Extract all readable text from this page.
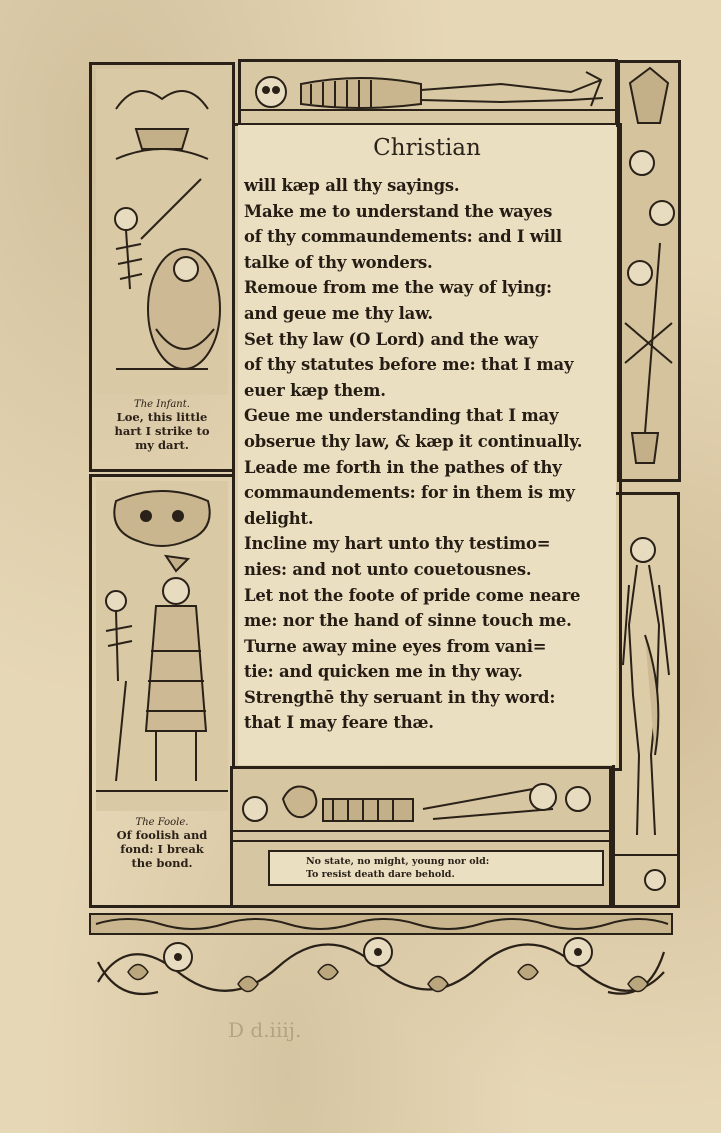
The Infant.
Loe, this little
hart I strike to
my dart.
The Foole.
Of foolish and
fond: I break
the bond.
Christian
will kæp all thy sayings.
Make me to understand the wayes
of thy commaundements: and I will
talke of thy wonders.
Remoue from me the way of lying:
and geue me thy law.
Set thy law (O Lord) and the way
of thy statutes before me: that I may
euer kæp them.
Geue me understanding that I may
obserue thy law, & kæp it continually.
Leade me forth in the pathes of thy
commaundements: for in them is my
delight.
Incline my hart unto thy testimo=
nies: and not unto couetousnes.
Let not the foote of pride come neare
me: nor the hand of sinne touch me.
Turne away mine eyes from vani=
tie: and quicken me in thy way.
Strengthē thy seruant in thy word:
that I may feare thæ.
No state, no might, young nor old:
To resist death dare behold.
D d.iiij.
